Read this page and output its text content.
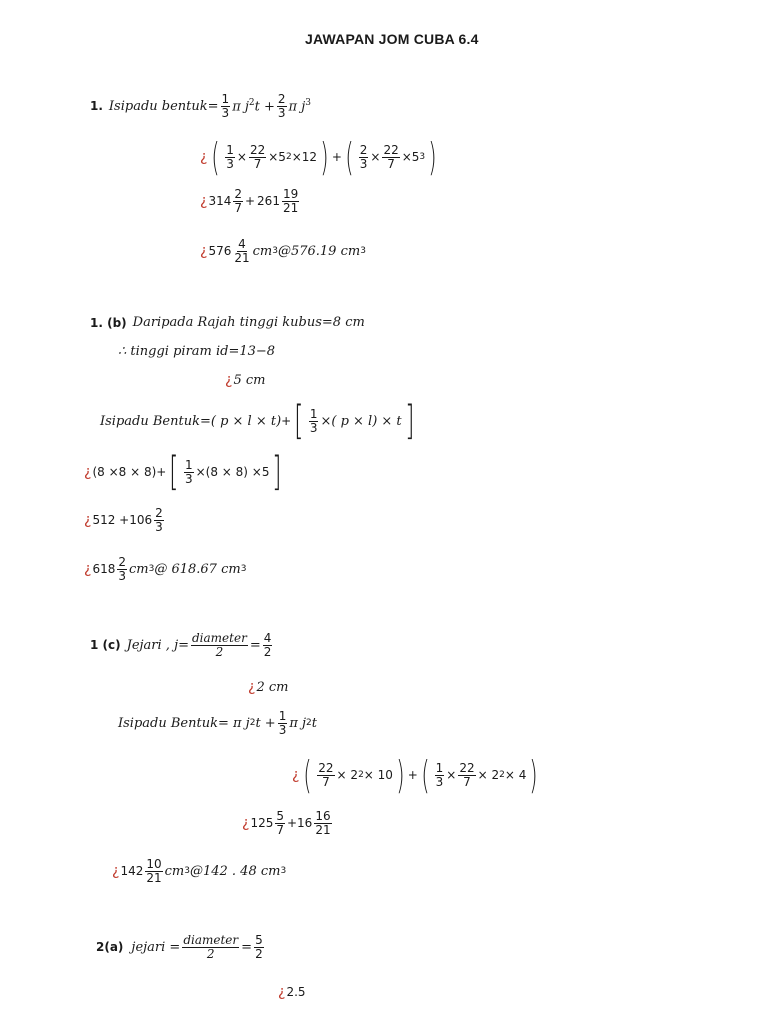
JAWAPAN JOM CUBA 6.4
1. Isipadu bentuk= $\frac{1}{3}$ π $j^2t + \frac{2}{3}$ π $j^3$
¿ ( $\frac{1}{3} \times \frac{22}{7} \times 5$ 2 ×12 ) + ( $\frac{2}{3} \times \frac{22}{7} \times 5$ 3 )
¿ $314 \frac{2}{7} + 261 \frac{19}{21}$
¿ $576 \frac{4}{21}$ cm 3 @576.19 cm 3
1. (b) Daripada Rajah tinggi kubus=8 cm
∴ tinggi piram id=13−8
¿ 5 cm
Isipadu Bentuk= ( p × l × t) + [ $\frac{1}{3}$ ×( p × l) × t ]
¿ (8 ×8 × 8) + [ $\frac{1}{3} \times(8 \times 8) \times 5$ ]
¿ $512 +106 \frac{2}{3}$
¿ $618 \frac{2}{3}$ cm 3 @ 618.67 cm 3
1 (c) Jejari , $j= \frac{\text{diameter}}{2} = \frac{4}{2}$
¿ 2 cm
Isipadu Bentuk= π j 2 $t + \frac{1}{3}$ π j 2 t
¿ ( $\frac{22}{7} \times 2$ 2 × 10 ) + ( $\frac{1}{3} \times \frac{22}{7} \times 2$ 2 × 4 )
¿ $125 \frac{5}{7} +16 \frac{16}{21}$
¿ $142 \frac{10}{21}$ cm 3 @142 . 48 cm 3
2(a) jejari = $\frac{\text{diameter}}{2} = \frac{5}{2}$
¿ 2.5
